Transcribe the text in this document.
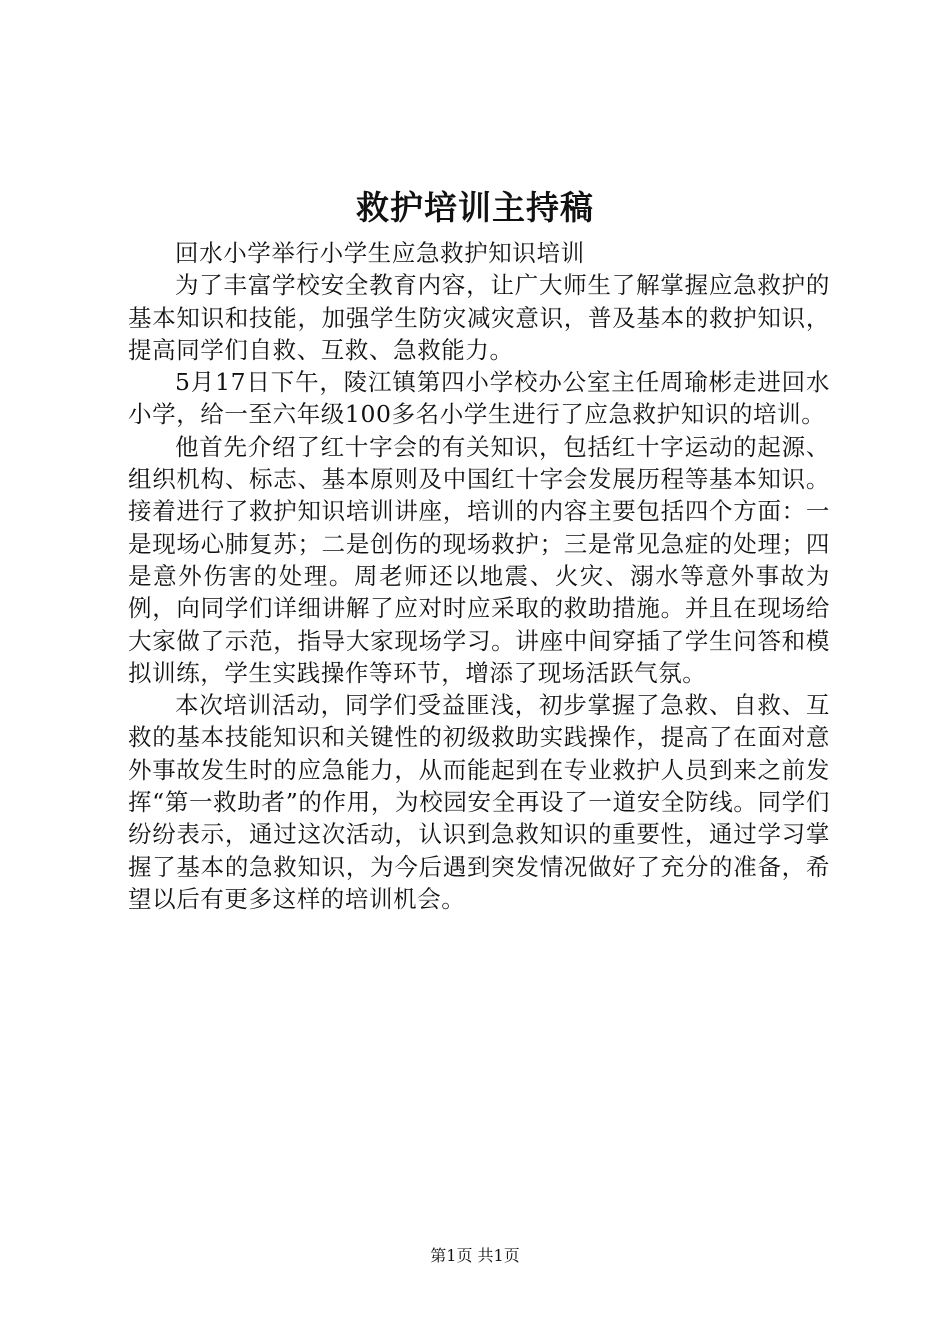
救护培训主持稿

回水小学举行小学生应急救护知识培训

为了丰富学校安全教育内容，让广大师生了解掌握应急救护的基本知识和技能，加强学生防灾减灾意识，普及基本的救护知识，提高同学们自救、互救、急救能力。

5月17日下午，陵江镇第四小学校办公室主任周瑜彬走进回水小学，给一至六年级100多名小学生进行了应急救护知识的培训。

他首先介绍了红十字会的有关知识，包括红十字运动的起源、组织机构、标志、基本原则及中国红十字会发展历程等基本知识。接着进行了救护知识培训讲座，培训的内容主要包括四个方面：一是现场心肺复苏；二是创伤的现场救护；三是常见急症的处理；四是意外伤害的处理。周老师还以地震、火灾、溺水等意外事故为例，向同学们详细讲解了应对时应采取的救助措施。并且在现场给大家做了示范，指导大家现场学习。讲座中间穿插了学生问答和模拟训练，学生实践操作等环节，增添了现场活跃气氛。

本次培训活动，同学们受益匪浅，初步掌握了急救、自救、互救的基本技能知识和关键性的初级救助实践操作，提高了在面对意外事故发生时的应急能力，从而能起到在专业救护人员到来之前发挥“第一救助者”的作用，为校园安全再设了一道安全防线。同学们纷纷表示，通过这次活动，认识到急救知识的重要性，通过学习掌握了基本的急救知识，为今后遇到突发情况做好了充分的准备，希望以后有更多这样的培训机会。

第1页 共1页
